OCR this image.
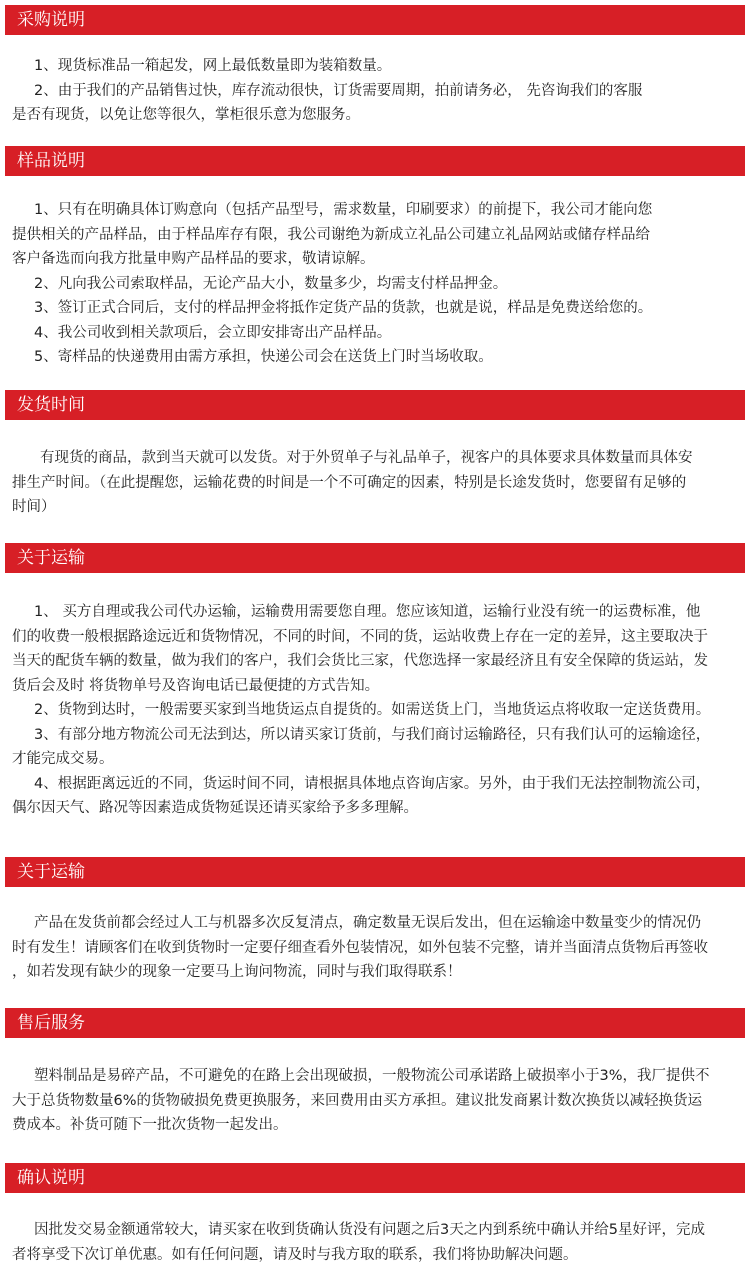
采购说明

1、现货标准品一箱起发，网上最低数量即为装箱数量。

2、由于我们的产品销售过快，库存流动很快，订货需要周期，拍前请务必， 先咨询我们的客服

是否有现货，以免让您等很久，掌柜很乐意为您服务。

样品说明

1、只有在明确具体订购意向（包括产品型号，需求数量，印刷要求）的前提下，我公司才能向您

提供相关的产品样品，由于样品库存有限，我公司谢绝为新成立礼品公司建立礼品网站或储存样品给

客户备选而向我方批量申购产品样品的要求，敬请谅解。

2、凡向我公司索取样品，无论产品大小，数量多少，均需支付样品押金。

3、签订正式合同后，支付的样品押金将抵作定货产品的货款，也就是说，样品是免费送给您的。

4、我公司收到相关款项后，会立即安排寄出产品样品。

5、寄样品的快递费用由需方承担，快递公司会在送货上门时当场收取。

发货时间

有现货的商品，款到当天就可以发货。对于外贸单子与礼品单子，视客户的具体要求具体数量而具体安

排生产时间。（在此提醒您，运输花费的时间是一个不可确定的因素，特别是长途发货时，您要留有足够的

时间）

关于运输

1、 买方自理或我公司代办运输，运输费用需要您自理。您应该知道，运输行业没有统一的运费标准，他

们的收费一般根据路途远近和货物情况，不同的时间，不同的货，运站收费上存在一定的差异，这主要取决于

当天的配货车辆的数量，做为我们的客户，我们会货比三家，代您选择一家最经济且有安全保障的货运站，发

货后会及时 将货物单号及咨询电话已最便捷的方式告知。

2、货物到达时，一般需要买家到当地货运点自提货的。如需送货上门，当地货运点将收取一定送货费用。

3、有部分地方物流公司无法到达，所以请买家订货前，与我们商讨运输路径，只有我们认可的运输途径，

才能完成交易。

4、根据距离远近的不同，货运时间不同，请根据具体地点咨询店家。另外，由于我们无法控制物流公司，

偶尔因天气、路况等因素造成货物延误还请买家给予多多理解。

关于运输

产品在发货前都会经过人工与机器多次反复清点，确定数量无误后发出，但在运输途中数量变少的情况仍

时有发生！请顾客们在收到货物时一定要仔细查看外包装情况，如外包装不完整，请并当面清点货物后再签收

，如若发现有缺少的现象一定要马上询问物流，同时与我们取得联系！

售后服务

塑料制品是易碎产品，不可避免的在路上会出现破损，一般物流公司承诺路上破损率小于3%，我厂提供不

大于总货物数量6%的货物破损免费更换服务，来回费用由买方承担。建议批发商累计数次换货以减轻换货运

费成本。补货可随下一批次货物一起发出。

确认说明

因批发交易金额通常较大，请买家在收到货确认货没有问题之后3天之内到系统中确认并给5星好评，完成

者将享受下次订单优惠。如有任何问题，请及时与我方取的联系，我们将协助解决问题。
